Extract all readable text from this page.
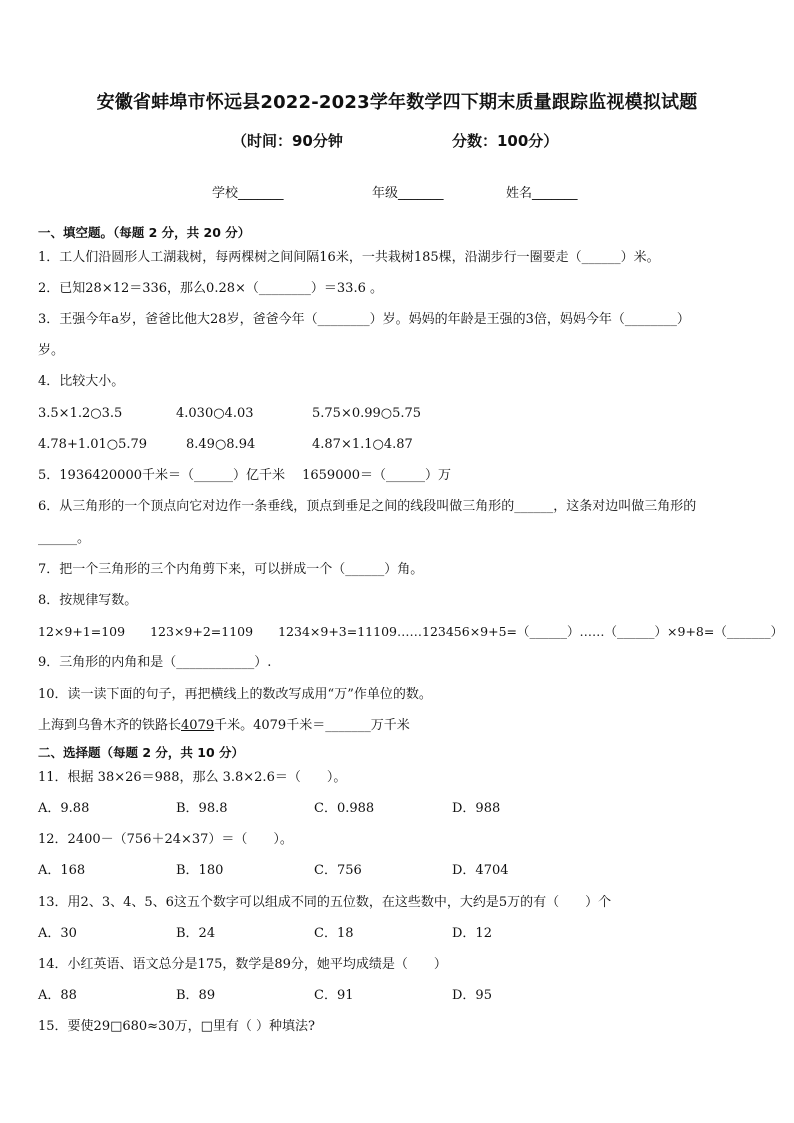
安徽省蚌埠市怀远县2022-2023学年数学四下期末质量跟踪监视模拟试题
（时间：90分钟	分数：100分）
学校_______	年级_______	姓名_______
一、填空题。（每题 2 分，共 20 分）
1．工人们沿圆形人工湖栽树，每两棵树之间间隔16米，一共栽树185棵，沿湖步行一圈要走（______）米。
2．已知28×12＝336，那么0.28×（________）＝33.6 。
3．王强今年a岁，爸爸比他大28岁，爸爸今年（________）岁。妈妈的年龄是王强的3倍，妈妈今年（________）
岁。
4．比较大小。
3.5×1.2○3.5	4.030○4.03	5.75×0.99○5.75
4.78+1.01○5.79	8.49○8.94	4.87×1.1○4.87
5．1936420000千米＝（______）亿千米　 1659000＝（______）万
6．从三角形的一个顶点向它对边作一条垂线，顶点到垂足之间的线段叫做三角形的______，这条对边叫做三角形的
______。
7．把一个三角形的三个内角剪下来，可以拼成一个（______）角。
8．按规律写数。
12×9+1=109　　123×9+2=1109　　1234×9+3=11109……123456×9+5=（______）……（______）×9+8=（_______）
9．三角形的内角和是（____________）.
10．读一读下面的句子，再把横线上的数改写成用“万”作单位的数。
上海到乌鲁木齐的铁路长4079千米。4079千米＝_______万千米
二、选择题（每题 2 分，共 10 分）
11．根据 38×26＝988，那么 3.8×2.6＝（　　）。
A．9.88	B．98.8	C．0.988	D．988
12．2400－（756＋24×37）＝（　　）。
A．168	B．180	C．756	D．4704
13．用2、3、4、5、6这五个数字可以组成不同的五位数，在这些数中，大约是5万的有（　　）个
A．30	B．24	C．18	D．12
14．小红英语、语文总分是175，数学是89分，她平均成绩是（　　）
A．88	B．89	C．91	D．95
15．要使29□680≈30万，□里有（ ）种填法?
